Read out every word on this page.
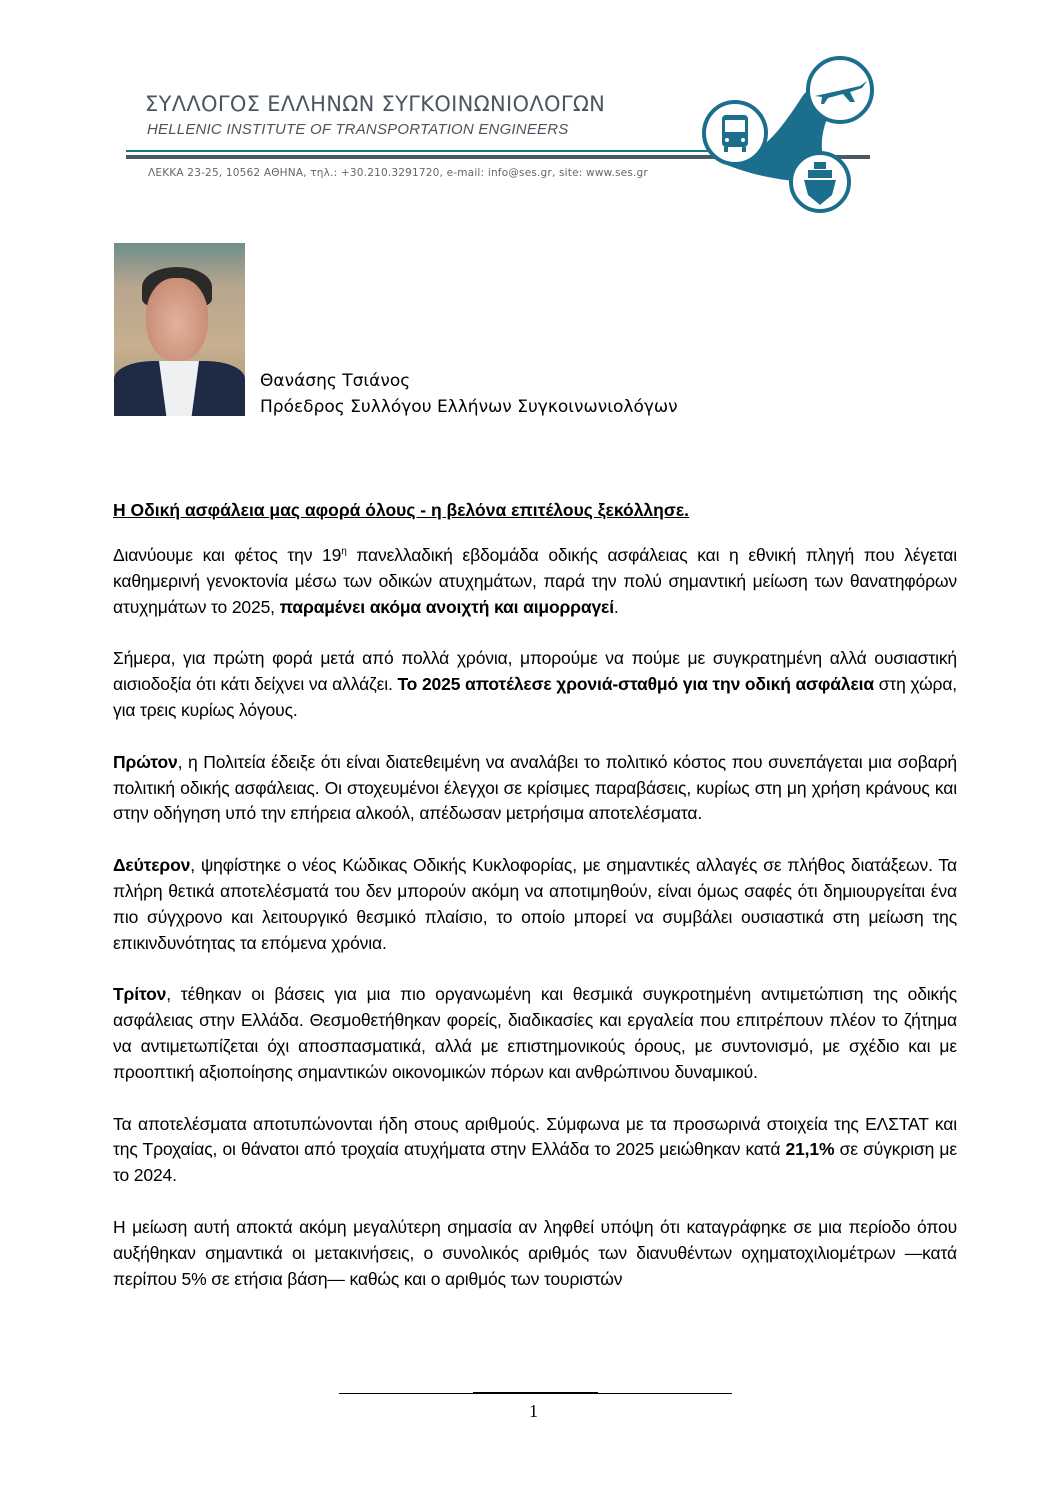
ΣΥΛΛΟΓΟΣ ΕΛΛΗΝΩΝ ΣΥΓΚΟΙΝΩΝΙΟΛΟΓΩΝ
HELLENIC INSTITUTE OF TRANSPORTATION ENGINEERS
ΛΕΚΚΑ 23-25, 10562 ΑΘΗΝΑ, τηλ.: +30.210.3291720, e-mail: info@ses.gr, site: www.ses.gr
Θανάσης Τσιάνος
Πρόεδρος Συλλόγου Ελλήνων Συγκοινωνιολόγων
Η Οδική ασφάλεια μας αφορά όλους - η βελόνα επιτέλους ξεκόλλησε.

Διανύουμε και φέτος την $19^\eta$ πανελλαδική εβδομάδα οδικής ασφάλειας και η εθνική πληγή που λέγεται καθημερινή γενοκτονία μέσω των οδικών ατυχημάτων, παρά την πολύ σημαντική μείωση των θανατηφόρων ατυχημάτων το 2025, παραμένει ακόμα ανοιχτή και αιμορραγεί.

Σήμερα, για πρώτη φορά μετά από πολλά χρόνια, μπορούμε να πούμε με συγκρατημένη αλλά ουσιαστική αισιοδοξία ότι κάτι δείχνει να αλλάζει. Το 2025 αποτέλεσε χρονιά-σταθμό για την οδική ασφάλεια στη χώρα, για τρεις κυρίως λόγους.

Πρώτον, η Πολιτεία έδειξε ότι είναι διατεθειμένη να αναλάβει το πολιτικό κόστος που συνεπάγεται μια σοβαρή πολιτική οδικής ασφάλειας. Οι στοχευμένοι έλεγχοι σε κρίσιμες παραβάσεις, κυρίως στη μη χρήση κράνους και στην οδήγηση υπό την επήρεια αλκοόλ, απέδωσαν μετρήσιμα αποτελέσματα.

Δεύτερον, ψηφίστηκε ο νέος Κώδικας Οδικής Κυκλοφορίας, με σημαντικές αλλαγές σε πλήθος διατάξεων. Τα πλήρη θετικά αποτελέσματά του δεν μπορούν ακόμη να αποτιμηθούν, είναι όμως σαφές ότι δημιουργείται ένα πιο σύγχρονο και λειτουργικό θεσμικό πλαίσιο, το οποίο μπορεί να συμβάλει ουσιαστικά στη μείωση της επικινδυνότητας τα επόμενα χρόνια.

Τρίτον, τέθηκαν οι βάσεις για μια πιο οργανωμένη και θεσμικά συγκροτημένη αντιμετώπιση της οδικής ασφάλειας στην Ελλάδα. Θεσμοθετήθηκαν φορείς, διαδικασίες και εργαλεία που επιτρέπουν πλέον το ζήτημα να αντιμετωπίζεται όχι αποσπασματικά, αλλά με επιστημονικούς όρους, με συντονισμό, με σχέδιο και με προοπτική αξιοποίησης σημαντικών οικονομικών πόρων και ανθρώπινου δυναμικού.

Τα αποτελέσματα αποτυπώνονται ήδη στους αριθμούς. Σύμφωνα με τα προσωρινά στοιχεία της ΕΛΣΤΑΤ και της Τροχαίας, οι θάνατοι από τροχαία ατυχήματα στην Ελλάδα το 2025 μειώθηκαν κατά 21,1% σε σύγκριση με το 2024.

Η μείωση αυτή αποκτά ακόμη μεγαλύτερη σημασία αν ληφθεί υπόψη ότι καταγράφηκε σε μια περίοδο όπου αυξήθηκαν σημαντικά οι μετακινήσεις, ο συνολικός αριθμός των διανυθέντων οχηματοχιλιομέτρων —κατά περίπου 5% σε ετήσια βάση— καθώς και ο αριθμός των τουριστών

1
